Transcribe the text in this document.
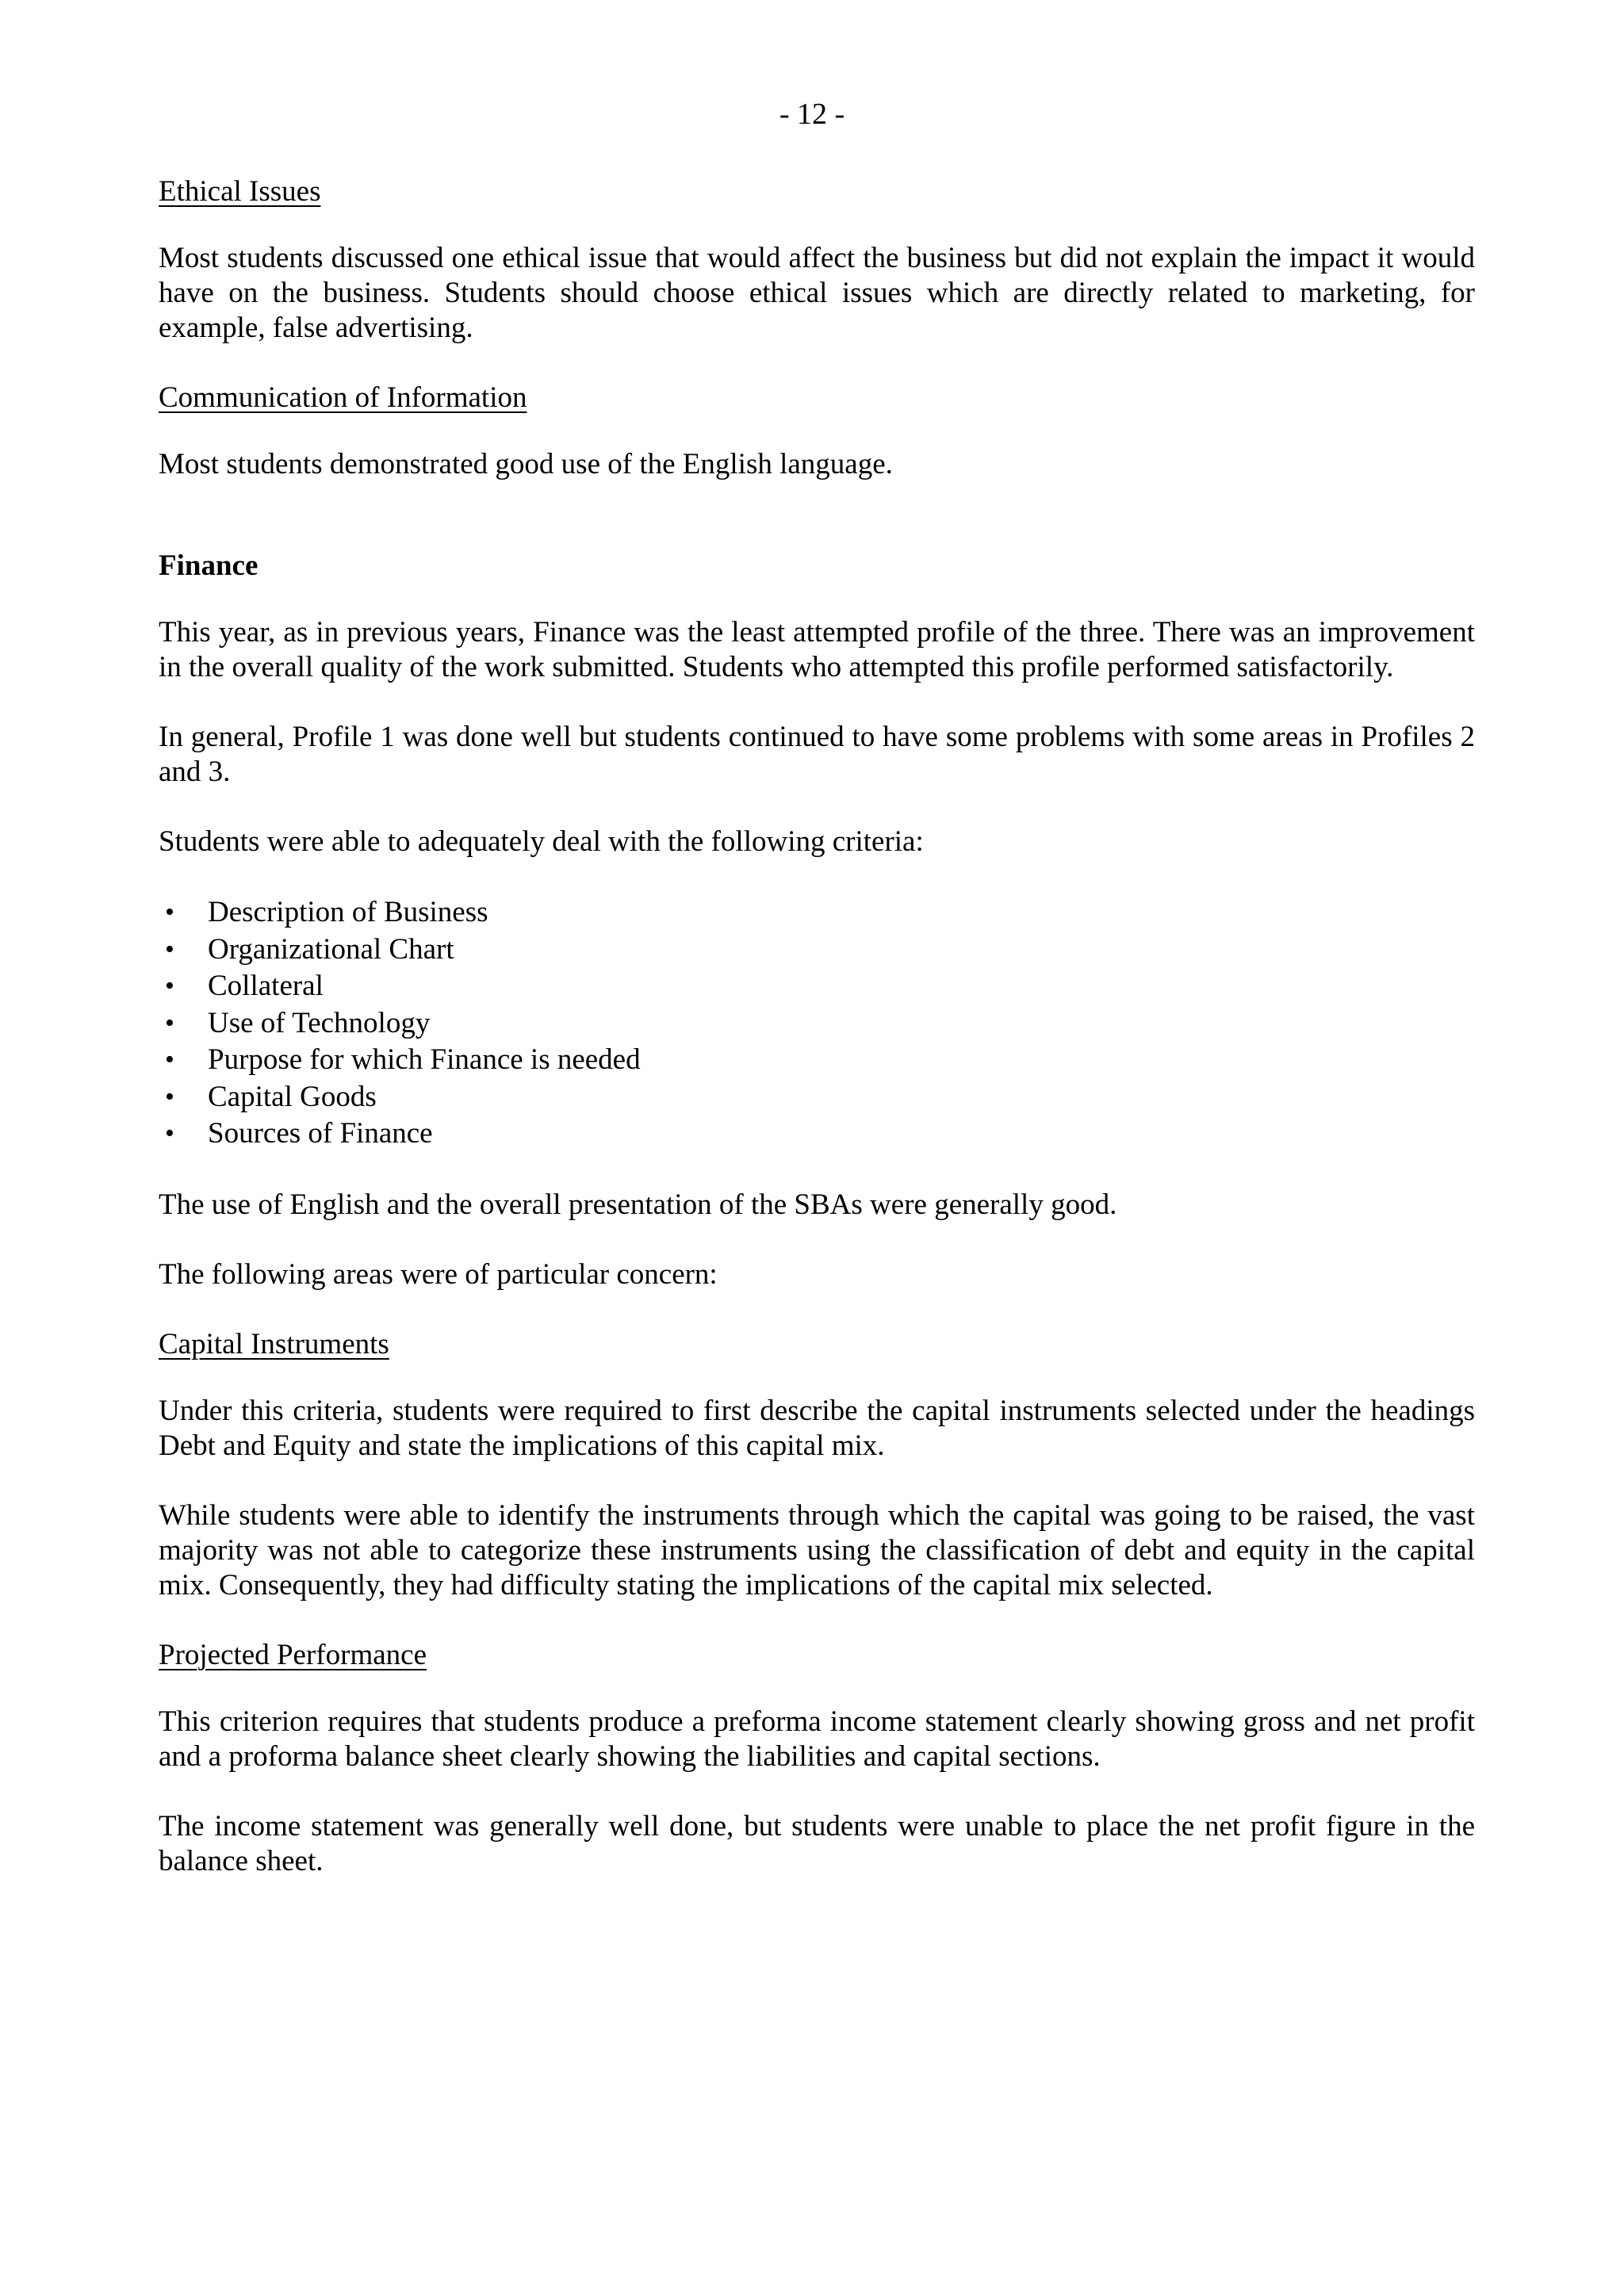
- 12 -

Ethical Issues

Most students discussed one ethical issue that would affect the business but did not explain the impact it would have on the business. Students should choose ethical issues which are directly related to marketing, for example, false advertising.

Communication of Information

Most students demonstrated good use of the English language.

Finance

This year, as in previous years, Finance was the least attempted profile of the three. There was an improvement in the overall quality of the work submitted. Students who attempted this profile performed satisfactorily.

In general, Profile 1 was done well but students continued to have some problems with some areas in Profiles 2 and 3.

Students were able to adequately deal with the following criteria:

• Description of Business
• Organizational Chart
• Collateral
• Use of Technology
• Purpose for which Finance is needed
• Capital Goods
• Sources of Finance

The use of English and the overall presentation of the SBAs were generally good.

The following areas were of particular concern:

Capital Instruments

Under this criteria, students were required to first describe the capital instruments selected under the headings Debt and Equity and state the implications of this capital mix.

While students were able to identify the instruments through which the capital was going to be raised, the vast majority was not able to categorize these instruments using the classification of debt and equity in the capital mix. Consequently, they had difficulty stating the implications of the capital mix selected.

Projected Performance

This criterion requires that students produce a preforma income statement clearly showing gross and net profit and a proforma balance sheet clearly showing the liabilities and capital sections.

The income statement was generally well done, but students were unable to place the net profit figure in the balance sheet.
